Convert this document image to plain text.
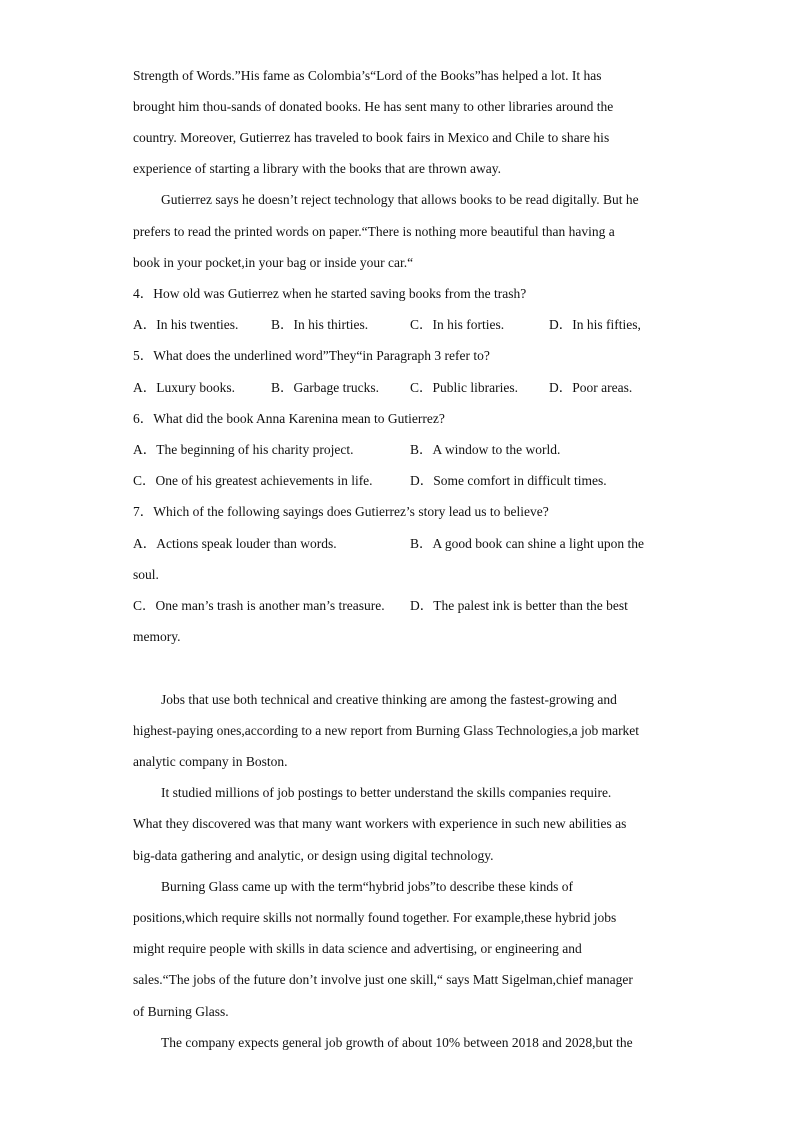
Strength of Words.”His fame as Colombia’s“Lord of the Books”has helped a lot. It has
brought him thou-sands of donated books. He has sent many to other libraries around the
country. Moreover, Gutierrez has traveled to book fairs in Mexico and Chile to share his
experience of starting a library with the books that are thrown away.
Gutierrez says he doesn’t reject technology that allows books to be read digitally. But he
prefers to read the printed words on paper.“There is nothing more beautiful than having a
book in your pocket,in your bag or inside your car.“
4．How old was Gutierrez when he started saving books from the trash?
A．In his twenties. B．In his thirties.	C．In his forties.	D．In his fifties,
5．What does the underlined word”They“in Paragraph 3 refer to?
A．Luxury books.	B．Garbage trucks. C．Public libraries. D．Poor areas.
6．What did the book Anna Karenina mean to Gutierrez?
A．The beginning of his charity project.	B．A window to the world.
C．One of his greatest achievements in life.	D．Some comfort in difficult times.
7．Which of the following sayings does Gutierrez’s story lead us to believe?
A．Actions speak louder than words.	B．A good book can shine a light upon the
soul.
C．One man’s trash is another man’s treasure. D．The palest ink is better than the best
memory.
Jobs that use both technical and creative thinking are among the fastest-growing and
highest-paying ones,according to a new report from Burning Glass Technologies,a job market
analytic company in Boston.
It studied millions of job postings to better understand the skills companies require.
What they discovered was that many want workers with experience in such new abilities as
big-data gathering and analytic, or design using digital technology.
Burning Glass came up with the term“hybrid jobs”to describe these kinds of
positions,which require skills not normally found together. For example,these hybrid jobs
might require people with skills in data science and advertising, or engineering and
sales.“The jobs of the future don’t involve just one skill,“ says Matt Sigelman,chief manager
of Burning Glass.
The company expects general job growth of about 10% between 2018 and 2028,but the
